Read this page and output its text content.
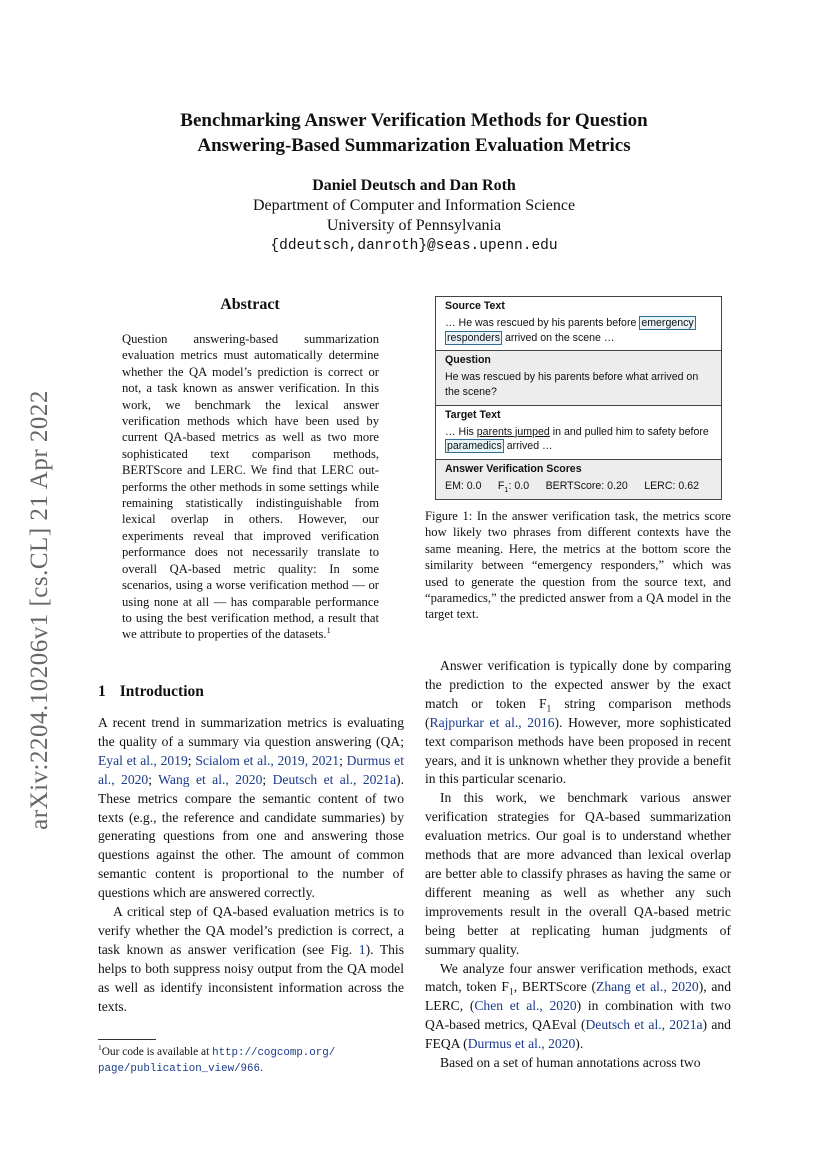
arXiv:2204.10206v1 [cs.CL] 21 Apr 2022
Benchmarking Answer Verification Methods for Question
Answering-Based Summarization Evaluation Metrics
Daniel Deutsch and Dan Roth
Department of Computer and Information Science
University of Pennsylvania
{ddeutsch,danroth}@seas.upenn.edu
Abstract
Question answering-based summarization evaluation metrics must automatically determine whether the QA model’s prediction is correct or not, a task known as answer verification. In this work, we benchmark the lexical answer verification methods which have been used by current QA-based metrics as well as two more sophisticated text comparison methods, BERTScore and LERC. We find that LERC out-performs the other methods in some settings while remaining statistically indistinguishable from lexical overlap in others. However, our experiments reveal that improved verification performance does not necessarily translate to overall QA-based metric quality: In some scenarios, using a worse verification method — or using none at all — has comparable performance to using the best verification method, a result that we attribute to properties of the datasets.$^1$
1 Introduction

A recent trend in summarization metrics is evaluating the quality of a summary via question answering (QA; Eyal et al., 2019; Scialom et al., 2019, 2021; Durmus et al., 2020; Wang et al., 2020; Deutsch et al., 2021a). These metrics compare the semantic content of two texts (e.g., the reference and candidate summaries) by generating questions from one and answering those questions against the other. The amount of common semantic content is proportional to the number of questions which are answered correctly.

A critical step of QA-based evaluation metrics is to verify whether the QA model’s prediction is correct, a task known as answer verification (see Fig. 1). This helps to both suppress noisy output from the QA model as well as identify inconsistent information across the texts.

$^1$Our code is available at http://cogcomp.org/
page/publication_view/966.
Source Text
… He was rescued by his parents before emergency
responders arrived on the scene …
Question
He was rescued by his parents before what arrived on the scene?
Target Text
… His parents jumped in and pulled him to safety before paramedics arrived …
Answer Verification Scores
EM: 0.0 $F_1$: 0.0 BERTScore: 0.20 LERC: 0.62
Figure 1: In the answer verification task, the metrics score how likely two phrases from different contexts have the same meaning. Here, the metrics at the bottom score the similarity between “emergency responders,” which was used to generate the question from the source text, and “paramedics,” the predicted answer from a QA model in the target text.

Answer verification is typically done by comparing the prediction to the expected answer by the exact match or token $F_1$ string comparison methods (Rajpurkar et al., 2016). However, more sophisticated text comparison methods have been proposed in recent years, and it is unknown whether they provide a benefit in this particular scenario.

In this work, we benchmark various answer verification strategies for QA-based summarization evaluation metrics. Our goal is to understand whether methods that are more advanced than lexical overlap are better able to classify phrases as having the same or different meaning as well as whether any such improvements result in the overall QA-based metric being better at replicating human judgments of summary quality.

We analyze four answer verification methods, exact match, token $F_1$, BERTScore (Zhang et al., 2020), and LERC, (Chen et al., 2020) in combination with two QA-based metrics, QAEval (Deutsch et al., 2021a) and FEQA (Durmus et al., 2020).

Based on a set of human annotations across two
